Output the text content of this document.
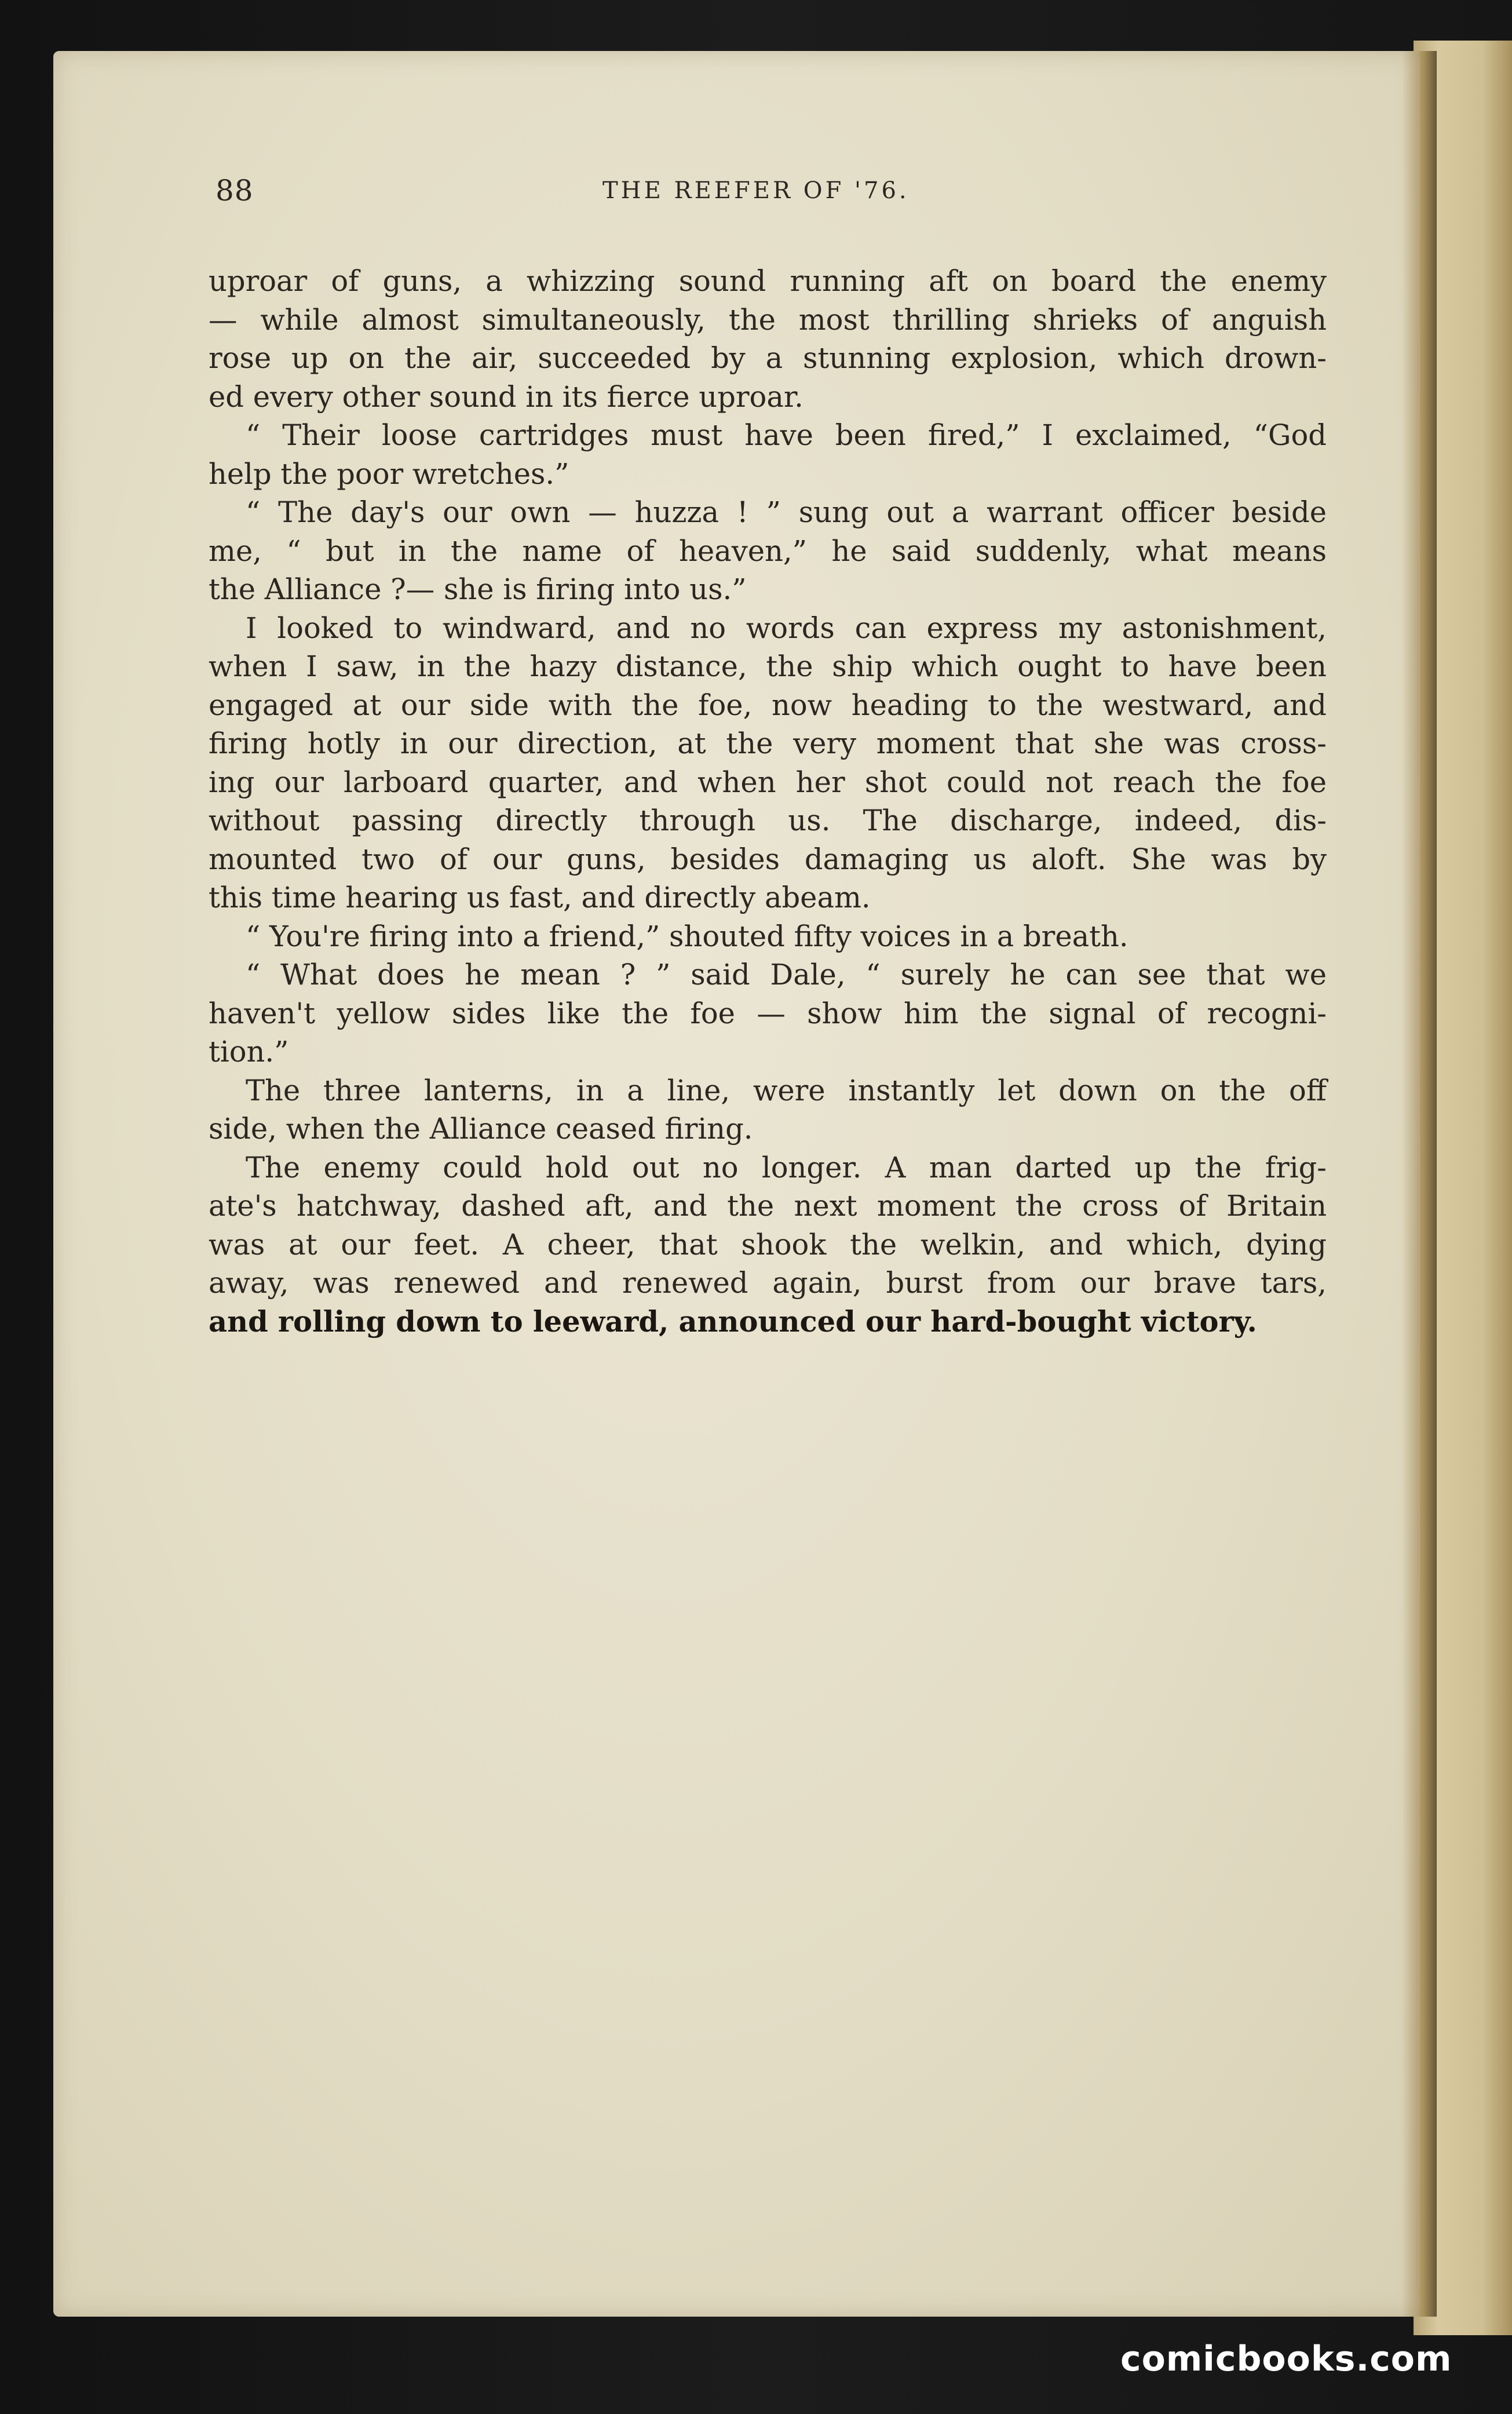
88	THE REEFER OF '76.
uproar of guns, a whizzing sound running aft on board the enemy
— while almost simultaneously, the most thrilling shrieks of anguish
rose up on the air, succeeded by a stunning explosion, which drown-
ed every other sound in its fierce uproar.
“ Their loose cartridges must have been fired,” I exclaimed, “God
help the poor wretches.”
“ The day's our own — huzza ! ” sung out a warrant officer beside
me, “ but in the name of heaven,” he said suddenly, what means
the Alliance ?— she is firing into us.”
I looked to windward, and no words can express my astonishment,
when I saw, in the hazy distance, the ship which ought to have been
engaged at our side with the foe, now heading to the westward, and
firing hotly in our direction, at the very moment that she was cross-
ing our larboard quarter, and when her shot could not reach the foe
without passing directly through us. The discharge, indeed, dis-
mounted two of our guns, besides damaging us aloft. She was by
this time hearing us fast, and directly abeam.
“ You're firing into a friend,” shouted fifty voices in a breath.
“ What does he mean ? ” said Dale, “ surely he can see that we
haven't yellow sides like the foe — show him the signal of recogni-
tion.”
The three lanterns, in a line, were instantly let down on the off
side, when the Alliance ceased firing.
The enemy could hold out no longer. A man darted up the frig-
ate's hatchway, dashed aft, and the next moment the cross of Britain
was at our feet. A cheer, that shook the welkin, and which, dying
away, was renewed and renewed again, burst from our brave tars,
and rolling down to leeward, announced our hard-bought victory.
comicbooks.com
